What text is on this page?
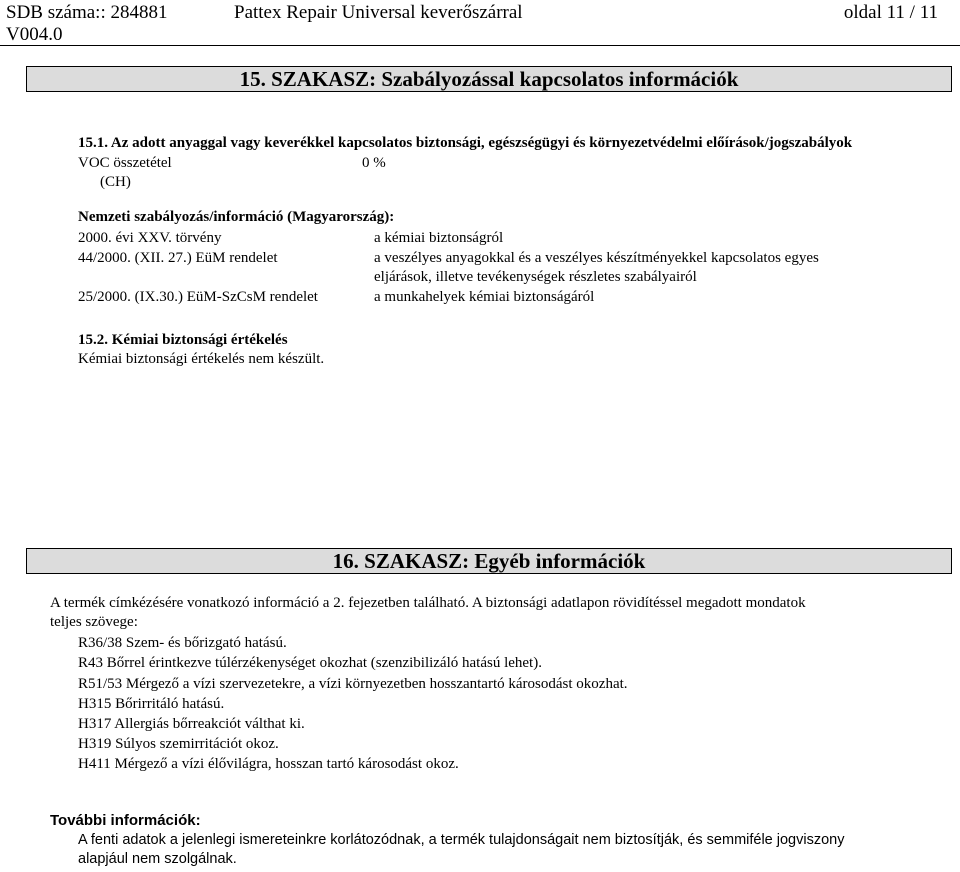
SDB száma:: 284881
V004.0
Pattex Repair Universal keverőszárral	oldal 11 / 11
15. SZAKASZ: Szabályozással kapcsolatos információk
15.1. Az adott anyaggal vagy keverékkel kapcsolatos biztonsági, egészségügyi és környezetvédelmi előírások/jogszabályok
VOC összetétel	0 %
(CH)
Nemzeti szabályozás/információ (Magyarország):
2000. évi XXV. törvény	a kémiai biztonságról
44/2000. (XII. 27.) EüM rendelet	a veszélyes anyagokkal és a veszélyes készítményekkel kapcsolatos egyes
eljárások, illetve tevékenységek részletes szabályairól
25/2000. (IX.30.) EüM-SzCsM rendelet	a munkahelyek kémiai biztonságáról
15.2. Kémiai biztonsági értékelés
Kémiai biztonsági értékelés nem készült.
16. SZAKASZ: Egyéb információk
A termék címkézésére vonatkozó információ a 2. fejezetben található. A biztonsági adatlapon rövidítéssel megadott mondatok
teljes szövege:
R36/38 Szem- és bőrizgató hatású.
R43 Bőrrel érintkezve túlérzékenységet okozhat (szenzibilizáló hatású lehet).
R51/53 Mérgező a vízi szervezetekre, a vízi környezetben hosszantartó károsodást okozhat.
H315 Bőrirritáló hatású.
H317 Allergiás bőrreakciót válthat ki.
H319 Súlyos szemirritációt okoz.
H411 Mérgező a vízi élővilágra, hosszan tartó károsodást okoz.
További információk:
A fenti adatok a jelenlegi ismereteinkre korlátozódnak, a termék tulajdonságait nem biztosítják, és semmiféle jogviszony
alapjául nem szolgálnak.
